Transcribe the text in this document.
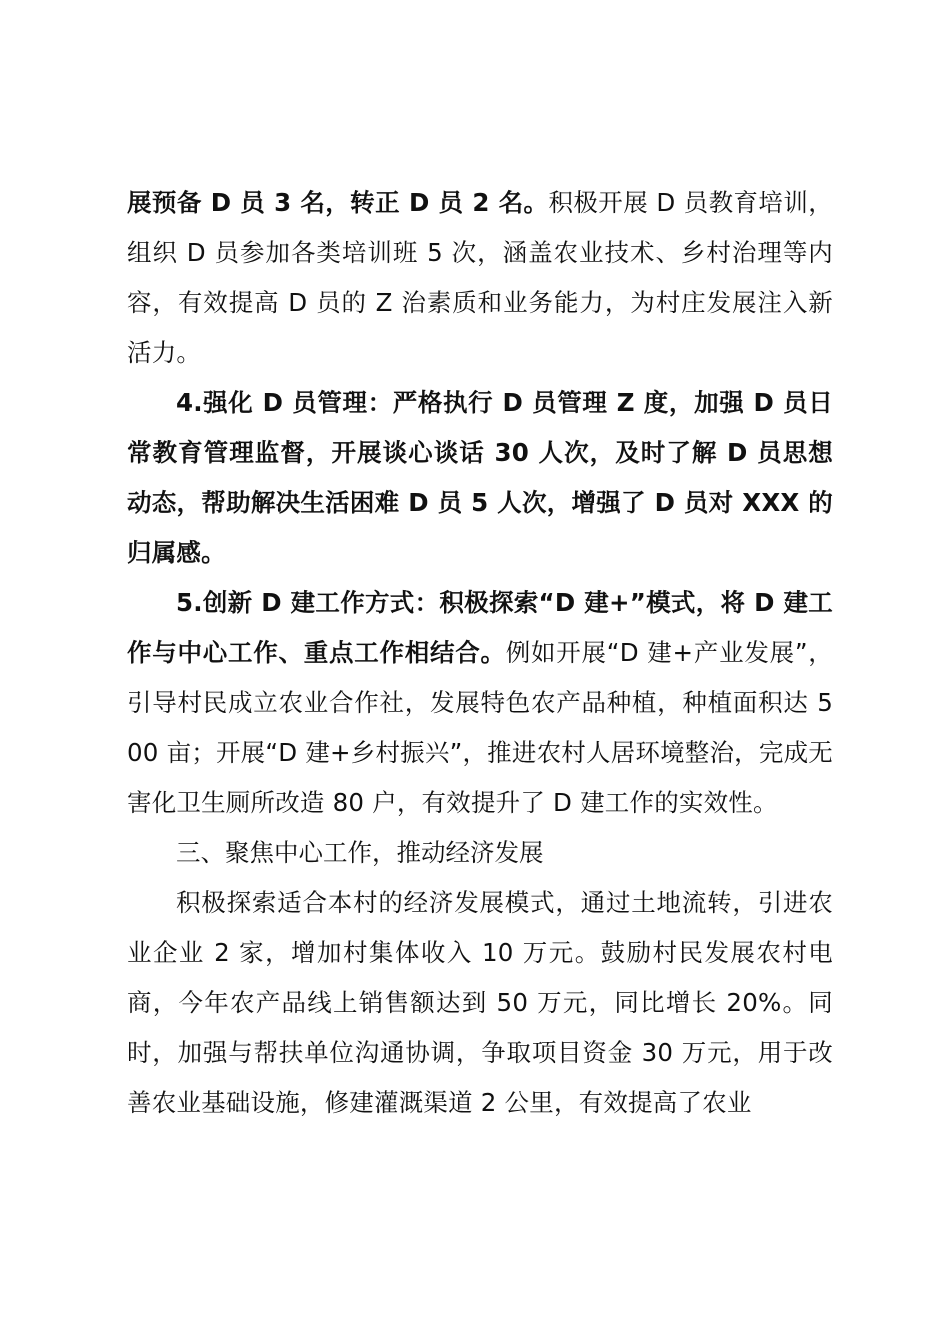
展预备 D 员 3 名，转正 D 员 2 名。积极开展 D 员教育培训，组织 D 员参加各类培训班 5 次，涵盖农业技术、乡村治理等内容，有效提高 D 员的 Z 治素质和业务能力，为村庄发展注入新活力。

4.强化 D 员管理：严格执行 D 员管理 Z 度，加强 D 员日常教育管理监督，开展谈心谈话 30 人次，及时了解 D 员思想动态，帮助解决生活困难 D 员 5 人次，增强了 D 员对 XXX 的归属感。

5.创新 D 建工作方式：积极探索“D 建+”模式，将 D 建工作与中心工作、重点工作相结合。例如开展“D 建+产业发展”，引导村民成立农业合作社，发展特色农产品种植，种植面积达 500 亩；开展“D 建+乡村振兴”，推进农村人居环境整治，完成无害化卫生厕所改造 80 户，有效提升了 D 建工作的实效性。

三、聚焦中心工作，推动经济发展

积极探索适合本村的经济发展模式，通过土地流转，引进农业企业 2 家，增加村集体收入 10 万元。鼓励村民发展农村电商，今年农产品线上销售额达到 50 万元，同比增长 20%。同时，加强与帮扶单位沟通协调，争取项目资金 30 万元，用于改善农业基础设施，修建灌溉渠道 2 公里，有效提高了农业
